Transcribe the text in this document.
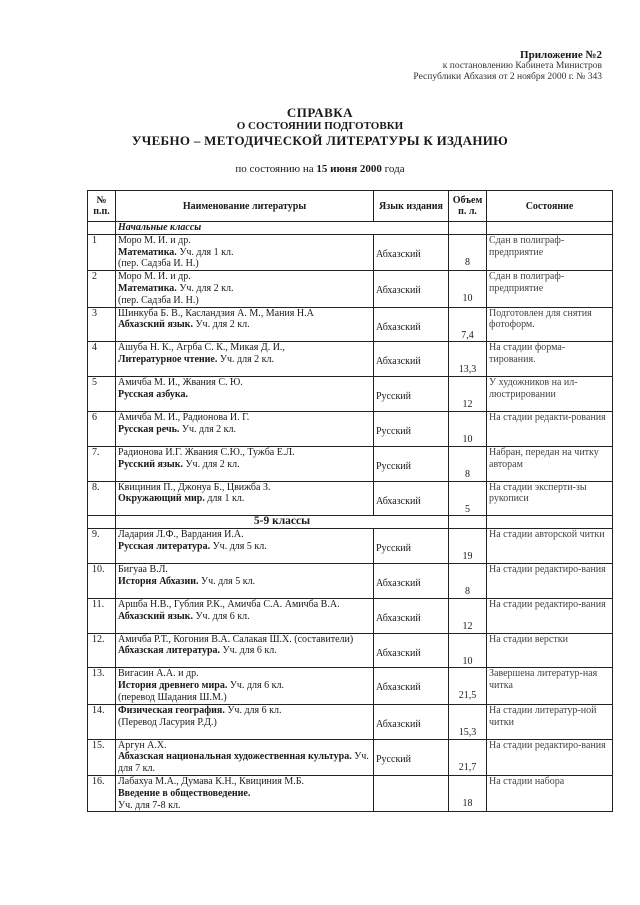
Приложение №2
к постановлению Кабинета Министров
Республики Абхазия от 2 ноября 2000 г. № 343
СПРАВКА
О СОСТОЯНИИ ПОДГОТОВКИ
УЧЕБНО – МЕТОДИЧЕСКОЙ ЛИТЕРАТУРЫ К ИЗДАНИЮ
по состоянию на 15 июня 2000 года
№ п.п.	Наименование литературы	Язык издания	Объем п. л.	Состояние
	Начальные классы			
1	Моро М. И. и др.
Математика. Уч. для 1 кл.
(пер. Садзба И. Н.)	Абхазский	8	Сдан в полиграф-предприятие
2	Моро М. И. и др.
Математика. Уч. для 2 кл.
(пер. Садзба И. Н.)	Абхазский	10	Сдан в полиграф-предприятие
3	Шинкуба Б. В., Касландзия А. М., Мания Н.А
Абхазский язык. Уч. для 2 кл.	Абхазский	7,4	Подготовлен для снятия фотоформ.
4	Ашуба Н. К., Агрба С. К., Микая Д. И.,
Литературное чтение. Уч. для 2 кл.	Абхазский	13,3	На стадии форма-тирования.
5	Амичба М. И., Жвания С. Ю.
Русская азбука.	Русский	12	У художников на ил-люстрировании
6	Амичба М. И., Радионова И. Г.
Русская речь. Уч. для 2 кл.	Русский	10	На стадии редакти-рования
7.	Радионова И.Г. Жвания С.Ю., Тужба Е.Л.
Русский язык. Уч. для 2 кл.	Русский	8	Набран, передан на читку авторам
8.	Квициния П., Джонуа Б., Цвижба З.
Окружающий мир. для 1 кл.	Абхазский	5	На стадии эксперти-зы рукописи
	5-9 классы			
9.	Ладария Л.Ф., Вардания И.А.
Русская литература. Уч. для 5 кл.	Русский	19	На стадии авторской читки
10.	Бигуаа В.Л.
История Абхазии. Уч. для 5 кл.	Абхазский	8	На стадии редактиро-вания
11.	Аршба Н.В., Гублия Р.К., Амичба С.А. Амичба В.А.
Абхазский язык. Уч. для 6 кл.	Абхазский	12	На стадии редактиро-вания
12.	Амичба Р.Т., Когония В.А. Салакая Ш.Х. (составители)
Абхазская литература. Уч. для 6 кл.	Абхазский	10	На стадии верстки
13.	Вигасин А.А. и др.
История древнего мира. Уч. для 6 кл.
(перевод Шадания Ш.М.)	Абхазский	21,5	Завершена литератур-ная читка
14.	Физическая география. Уч. для 6 кл.
(Перевод Ласурия Р.Д.)	Абхазский	15,3	На стадии литератур-ной читки
15.	Аргун А.Х.
Абхазская национальная художественная культура. Уч. для 7 кл.	Русский	21,7	На стадии редактиро-вания
16.	Лабахуа М.А., Думава К.Н., Квициния М.Б.
Введение в обществоведение.
Уч. для 7-8 кл.		18	На стадии набора
